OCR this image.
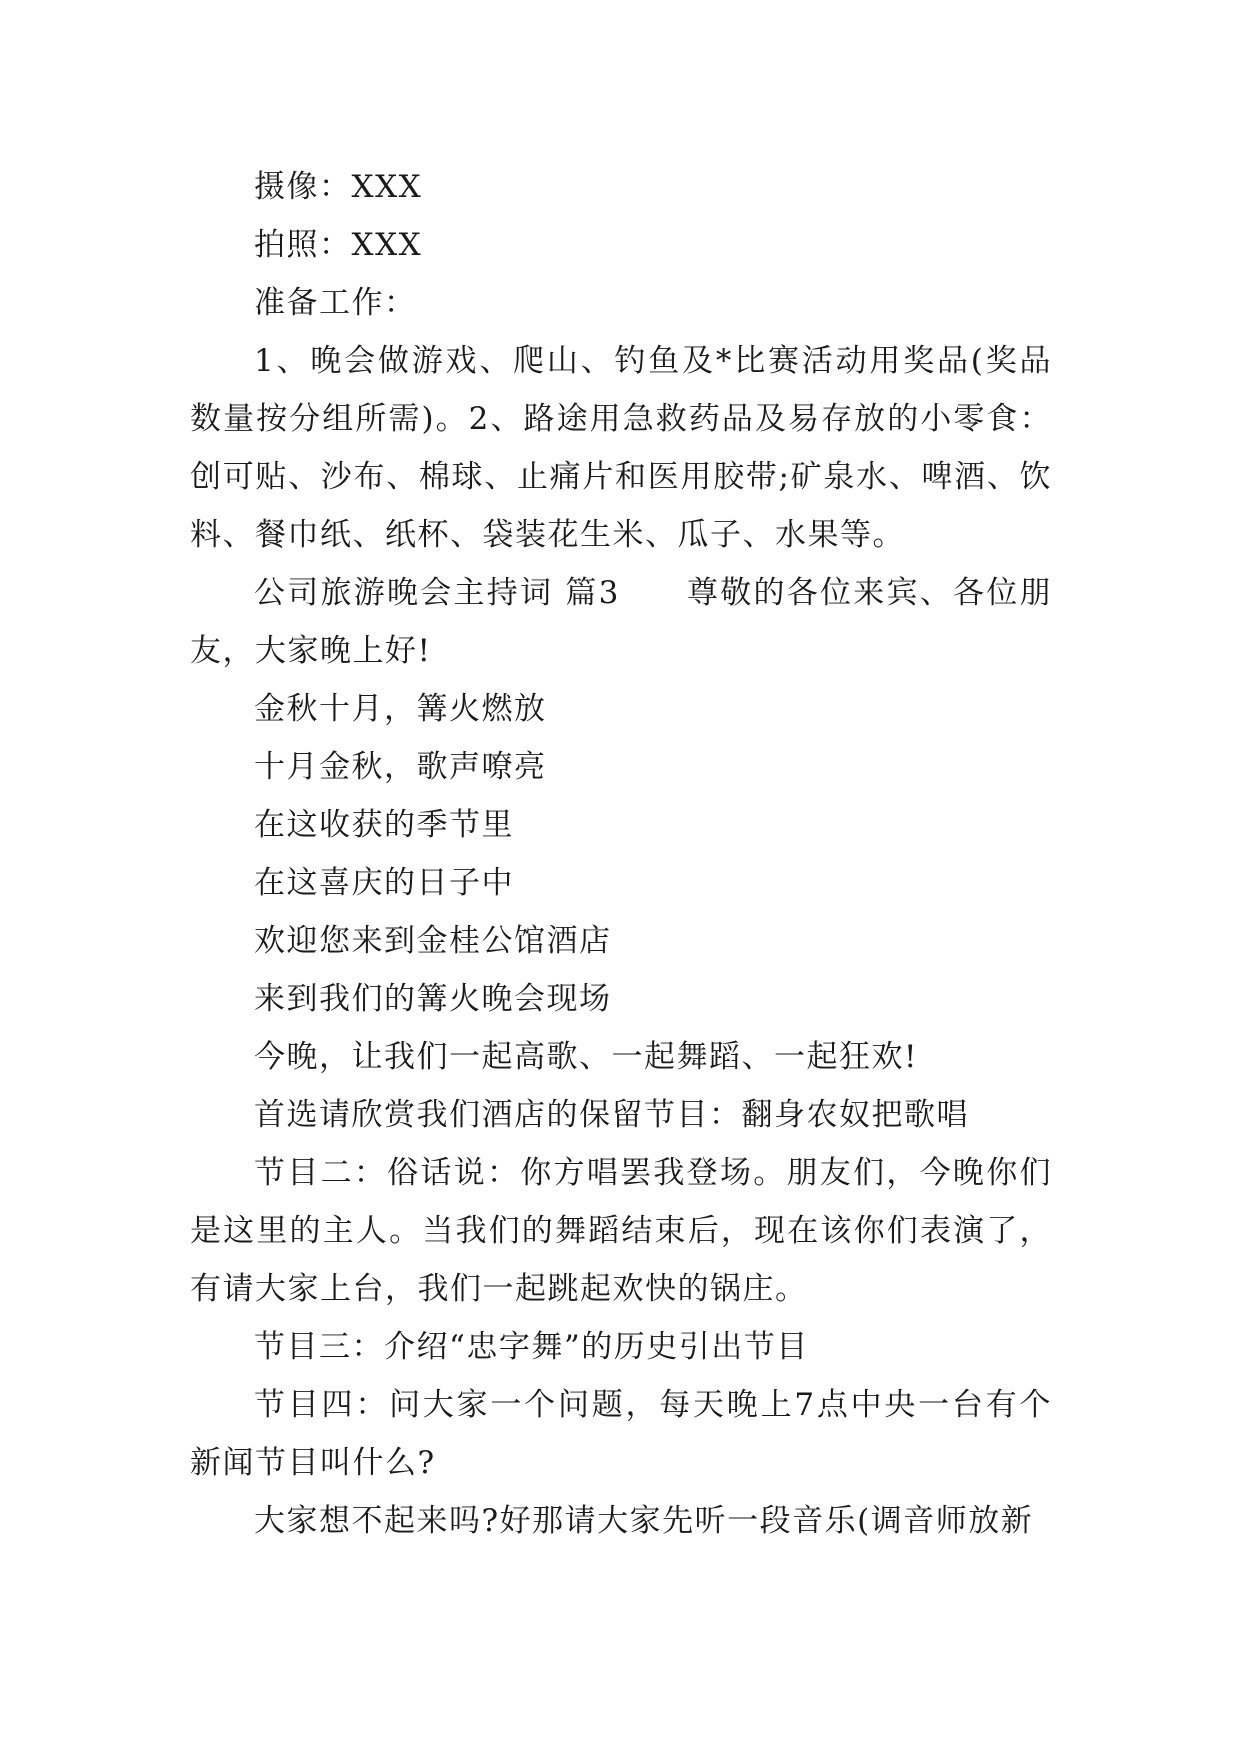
摄像：XXX

拍照：XXX

准备工作：

1、晚会做游戏、爬山、钓鱼及*比赛活动用奖品(奖品数量按分组所需)。2、路途用急救药品及易存放的小零食：创可贴、沙布、棉球、止痛片和医用胶带;矿泉水、啤酒、饮料、餐巾纸、纸杯、袋装花生米、瓜子、水果等。

公司旅游晚会主持词 篇3　　尊敬的各位来宾、各位朋友，大家晚上好!

金秋十月，篝火燃放

十月金秋，歌声嘹亮

在这收获的季节里

在这喜庆的日子中

欢迎您来到金桂公馆酒店

来到我们的篝火晚会现场

今晚，让我们一起高歌、一起舞蹈、一起狂欢!

首选请欣赏我们酒店的保留节目：翻身农奴把歌唱

节目二：俗话说：你方唱罢我登场。朋友们，今晚你们是这里的主人。当我们的舞蹈结束后，现在该你们表演了，有请大家上台，我们一起跳起欢快的锅庄。

节目三：介绍“忠字舞”的历史引出节目

节目四：问大家一个问题，每天晚上7点中央一台有个新闻节目叫什么?

大家想不起来吗?好那请大家先听一段音乐(调音师放新
